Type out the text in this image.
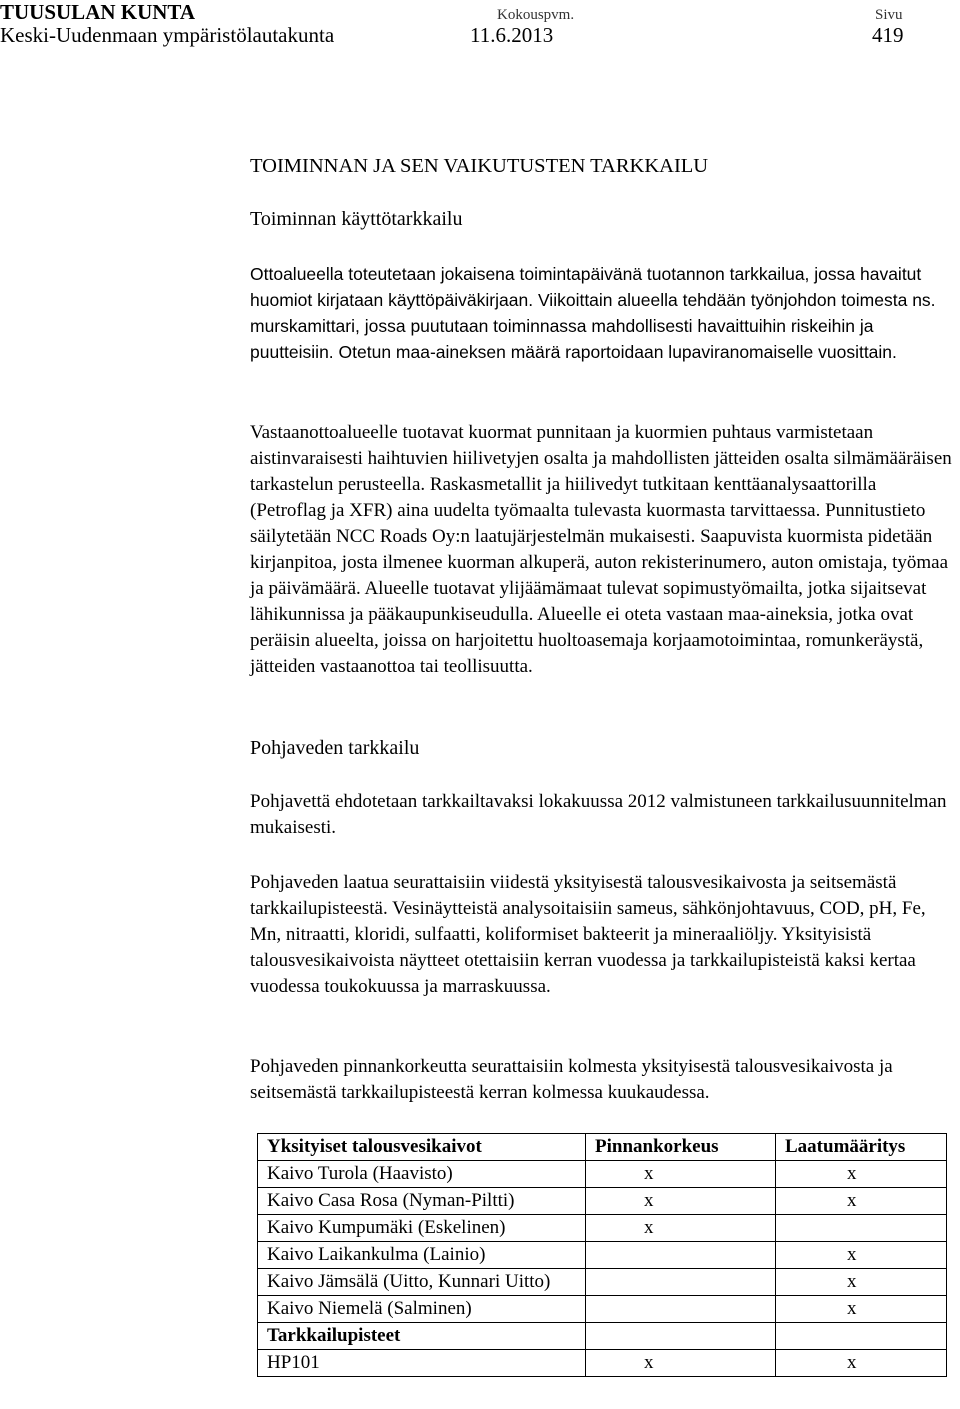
TUUSULAN KUNTA	Kokouspvm.	Sivu
Keski-Uudenmaan ympäristölautakunta	11.6.2013	419
TOIMINNAN JA SEN VAIKUTUSTEN TARKKAILU
Toiminnan käyttötarkkailu
Ottoalueella toteutetaan jokaisena toimintapäivänä tuotannon tarkkailua, jossa havaitut huomiot kirjataan käyttöpäiväkirjaan. Viikoittain alueella tehdään työnjohdon toimesta ns. murskamittari, jossa puututaan toiminnassa mahdollisesti havaittuihin riskeihin ja puutteisiin. Otetun maa-aineksen määrä raportoidaan lupaviranomaiselle vuosittain.

Vastaanottoalueelle tuotavat kuormat punnitaan ja kuormien puhtaus varmistetaan aistinvaraisesti haihtuvien hiilivetyjen osalta ja mahdollisten jätteiden osalta silmämääräisen tarkastelun perusteella. Raskasmetallit ja hiilivedyt tutkitaan kenttäanalysaattorilla (Petroflag ja XFR) aina uudelta työmaalta tulevasta kuormasta tarvittaessa. Punnitustieto säilytetään NCC Roads Oy:n laatujärjestelmän mukaisesti. Saapuvista kuormista pidetään kirjanpitoa, josta ilmenee kuorman alkuperä, auton rekisterinumero, auton omistaja, työmaa ja päivämäärä. Alueelle tuotavat ylijäämämaat tulevat sopimustyömailta, jotka sijaitsevat lähikunnissa ja pääkaupunkiseudulla. Alueelle ei oteta vastaan maa-aineksia, jotka ovat peräisin alueelta, joissa on harjoitettu huoltoasemaja korjaamotoimintaa, romunkeräystä, jätteiden vastaanottoa tai teollisuutta.

Pohjaveden tarkkailu

Pohjavettä ehdotetaan tarkkailtavaksi lokakuussa 2012 valmistuneen tarkkailusuunnitelman mukaisesti.

Pohjaveden laatua seurattaisiin viidestä yksityisestä talousvesikaivosta ja seitsemästä tarkkailupisteestä. Vesinäytteistä analysoitaisiin sameus, sähkönjohtavuus, COD, pH, Fe, Mn, nitraatti, kloridi, sulfaatti, koliformiset bakteerit ja mineraaliöljy. Yksityisistä talousvesikaivoista näytteet otettaisiin kerran vuodessa ja tarkkailupisteistä kaksi kertaa vuodessa toukokuussa ja marraskuussa.

Pohjaveden pinnankorkeutta seurattaisiin kolmesta yksityisestä talousvesikaivosta ja seitsemästä tarkkailupisteestä kerran kolmessa kuukaudessa.

Yksityiset talousvesikaivot	Pinnankorkeus	Laatumääritys
Kaivo Turola (Haavisto)	x	x
Kaivo Casa Rosa (Nyman-Piltti)	x	x
Kaivo Kumpumäki (Eskelinen)	x	
Kaivo Laikankulma (Lainio)		x
Kaivo Jämsälä (Uitto, Kunnari Uitto)		x
Kaivo Niemelä (Salminen)		x
Tarkkailupisteet		
HP101	x	x
